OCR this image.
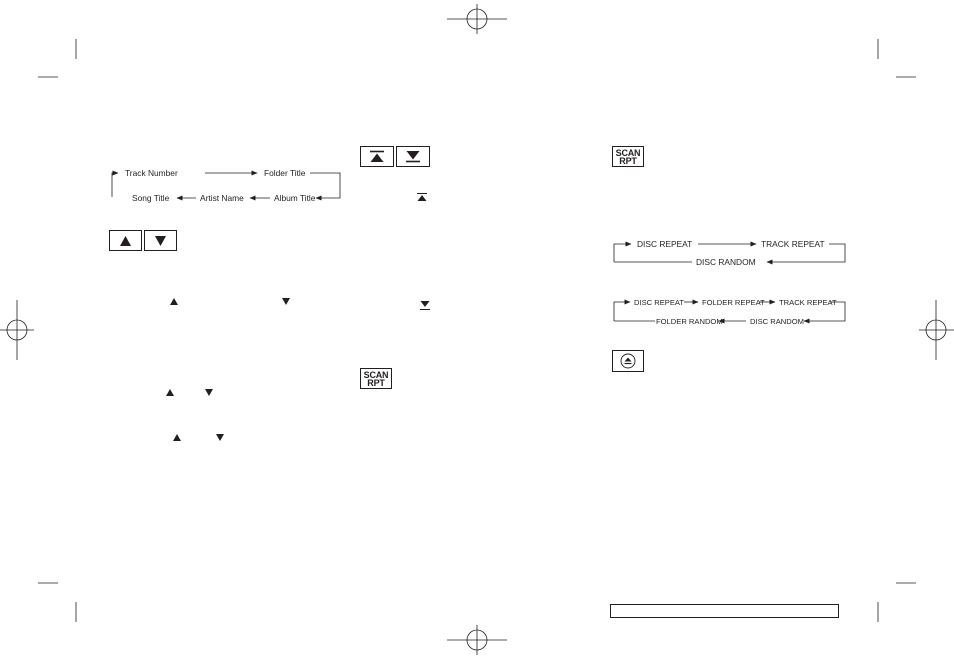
Track Number	Folder Title
Song Title	Artist Name	Album Title
DISC REPEAT	TRACK REPEAT
DISC RANDOM
DISC REPEAT FOLDER REPEAT TRACK REPEAT
FOLDER RANDOM	DISC RANDOM
SCAN
RPT
SCAN
RPT
